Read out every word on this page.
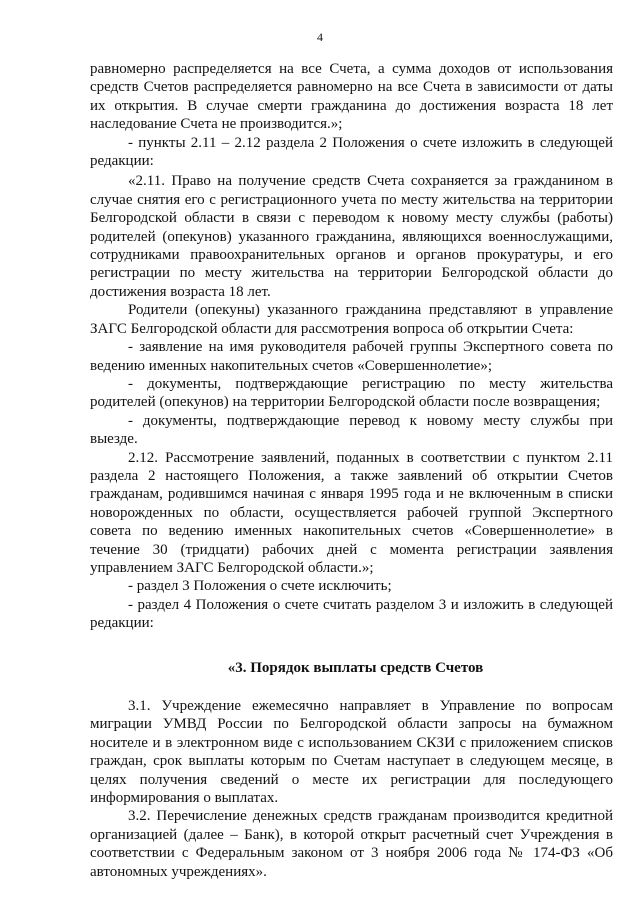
4

равномерно распределяется на все Счета, а сумма доходов от использования средств Счетов распределяется равномерно на все Счета в зависимости от даты их открытия. В случае смерти гражданина до достижения возраста 18 лет наследование Счета не производится.»;

- пункты 2.11 – 2.12 раздела 2 Положения о счете изложить в следующей редакции:

«2.11. Право на получение средств Счета сохраняется за гражданином в случае снятия его с регистрационного учета по месту жительства на территории Белгородской области в связи с переводом к новому месту службы (работы) родителей (опекунов) указанного гражданина, являющихся военнослужащими, сотрудниками правоохранительных органов и органов прокуратуры, и его регистрации по месту жительства на территории Белгородской области до достижения возраста 18 лет.

Родители (опекуны) указанного гражданина представляют в управление ЗАГС Белгородской области для рассмотрения вопроса об открытии Счета:

- заявление на имя руководителя рабочей группы Экспертного совета по ведению именных накопительных счетов «Совершеннолетие»;

- документы, подтверждающие регистрацию по месту жительства родителей (опекунов) на территории Белгородской области после возвращения;

- документы, подтверждающие перевод к новому месту службы при выезде.

2.12. Рассмотрение заявлений, поданных в соответствии с пунктом 2.11 раздела 2 настоящего Положения, а также заявлений об открытии Счетов гражданам, родившимся начиная с января 1995 года и не включенным в списки новорожденных по области, осуществляется рабочей группой Экспертного совета по ведению именных накопительных счетов «Совершеннолетие» в течение 30 (тридцати) рабочих дней с момента регистрации заявления управлением ЗАГС Белгородской области.»;

- раздел 3 Положения о счете исключить;

- раздел 4 Положения о счете считать разделом 3 и изложить в следующей редакции:

«3. Порядок выплаты средств Счетов

3.1. Учреждение ежемесячно направляет в Управление по вопросам миграции УМВД России по Белгородской области запросы на бумажном носителе и в электронном виде с использованием СКЗИ с приложением списков граждан, срок выплаты которым по Счетам наступает в следующем месяце, в целях получения сведений о месте их регистрации для последующего информирования о выплатах.

3.2. Перечисление денежных средств гражданам производится кредитной организацией (далее – Банк), в которой открыт расчетный счет Учреждения в соответствии с Федеральным законом от 3 ноября 2006 года № 174-ФЗ «Об автономных учреждениях».
